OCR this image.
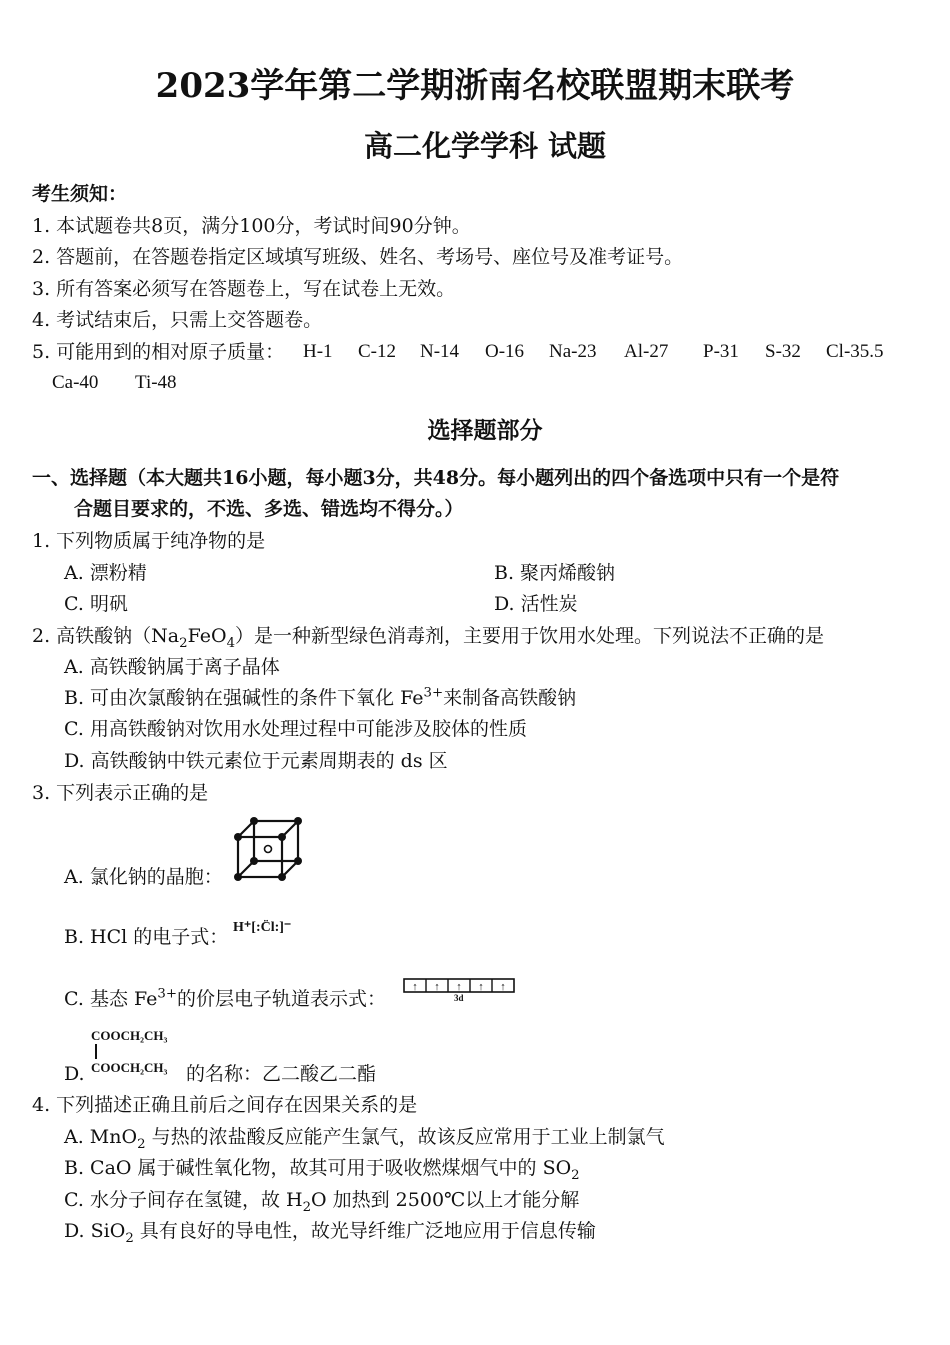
2023学年第二学期浙南名校联盟期末联考
高二化学学科 试题
考生须知：
1. 本试题卷共8页，满分100分，考试时间90分钟。
2. 答题前，在答题卷指定区域填写班级、姓名、考场号、座位号及准考证号。
3. 所有答案必须写在答题卷上，写在试卷上无效。
4. 考试结束后，只需上交答题卷。
5. 可能用到的相对原子质量： H-1 C-12 N-14 O-16 Na-23 Al-27 P-31 S-32 Cl-35.5
Ca-40 Ti-48
选择题部分
一、选择题（本大题共16小题，每小题3分，共48分。每小题列出的四个备选项中只有一个是符
合题目要求的，不选、多选、错选均不得分。）
1. 下列物质属于纯净物的是
A. 漂粉精	B. 聚丙烯酸钠
C. 明矾	D. 活性炭
2. 高铁酸钠$(Na_2FeO_4)$是一种新型绿色消毒剂，主要用于饮用水处理。下列说法不正确的是
A. 高铁酸钠属于离子晶体
B. 可由次氯酸钠在强碱性的条件下氧化 $Fe^{3+}$来制备高铁酸钠
C. 用高铁酸钠对饮用水处理过程中可能涉及胶体的性质
D. 高铁酸钠中铁元素位于元素周期表的 ds 区
3. 下列表示正确的是
A. 氯化钠的晶胞：
B. HCl 的电子式： H⁺[:C̈l:]⁻
C. 基态 $Fe^{3+}$的价层电子轨道表示式：
↑ ↑ ↑ ↑ ↑
3d
COOCH₂CH₃
D. COOCH₂CH₃ 的名称：乙二酸乙二酯
4. 下列描述正确且前后之间存在因果关系的是
A. MnO$_2$ 与热的浓盐酸反应能产生氯气，故该反应常用于工业上制氯气
B. CaO 属于碱性氧化物，故其可用于吸收燃煤烟气中的 $SO_2$
C. 水分子间存在氢键，故 $H_2O$ 加热到 2500℃以上才能分解
D. SiO$_2$ 具有良好的导电性，故光导纤维广泛地应用于信息传输
